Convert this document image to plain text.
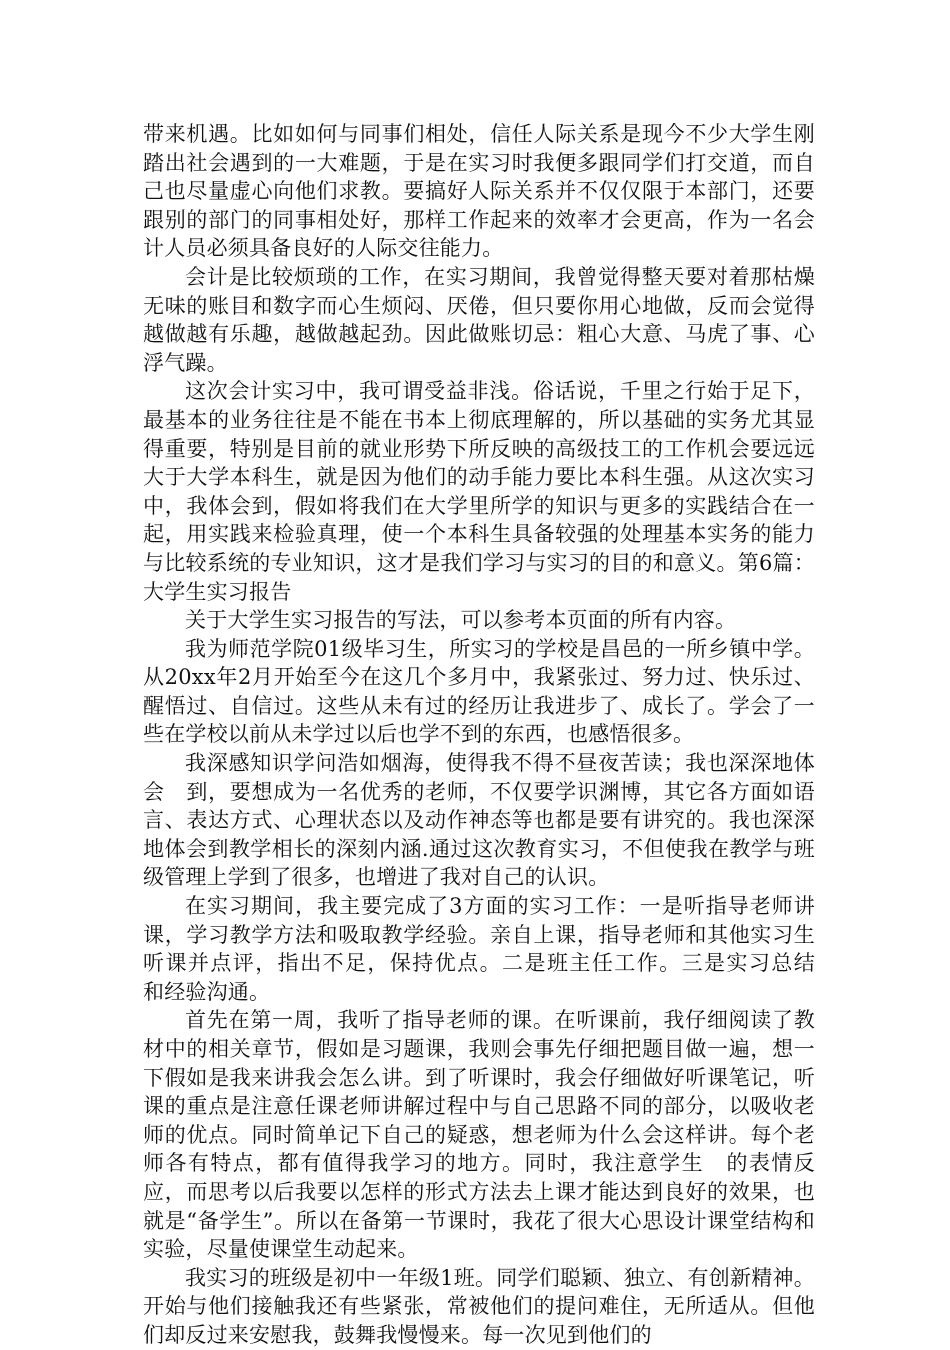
带来机遇。比如如何与同事们相处，信任人际关系是现今不少大学生刚踏出社会遇到的一大难题，于是在实习时我便多跟同学们打交道，而自己也尽量虚心向他们求教。要搞好人际关系并不仅仅限于本部门，还要跟别的部门的同事相处好，那样工作起来的效率才会更高，作为一名会计人员必须具备良好的人际交往能力。

会计是比较烦琐的工作，在实习期间，我曾觉得整天要对着那枯燥无味的账目和数字而心生烦闷、厌倦，但只要你用心地做，反而会觉得越做越有乐趣，越做越起劲。因此做账切忌：粗心大意、马虎了事、心浮气躁。

这次会计实习中，我可谓受益非浅。俗话说，千里之行始于足下，最基本的业务往往是不能在书本上彻底理解的，所以基础的实务尤其显得重要，特别是目前的就业形势下所反映的高级技工的工作机会要远远大于大学本科生，就是因为他们的动手能力要比本科生强。从这次实习中，我体会到，假如将我们在大学里所学的知识与更多的实践结合在一起，用实践来检验真理，使一个本科生具备较强的处理基本实务的能力与比较系统的专业知识，这才是我们学习与实习的目的和意义。第6篇：大学生实习报告

关于大学生实习报告的写法，可以参考本页面的所有内容。

我为师范学院01级毕习生，所实习的学校是昌邑的一所乡镇中学。从20xx年2月开始至今在这几个多月中，我紧张过、努力过、快乐过、醒悟过、自信过。这些从未有过的经历让我进步了、成长了。学会了一些在学校以前从未学过以后也学不到的东西，也感悟很多。

我深感知识学问浩如烟海，使得我不得不昼夜苦读；我也深深地体会　到，要想成为一名优秀的老师，不仅要学识渊博，其它各方面如语言、表达方式、心理状态以及动作神态等也都是要有讲究的。我也深深地体会到教学相长的深刻内涵.通过这次教育实习，不但使我在教学与班级管理上学到了很多，也增进了我对自己的认识。

在实习期间，我主要完成了3方面的实习工作：一是听指导老师讲课，学习教学方法和吸取教学经验。亲自上课，指导老师和其他实习生听课并点评，指出不足，保持优点。二是班主任工作。三是实习总结　和经验沟通。

首先在第一周，我听了指导老师的课。在听课前，我仔细阅读了教材中的相关章节，假如是习题课，我则会事先仔细把题目做一遍，想一下假如是我来讲我会怎么讲。到了听课时，我会仔细做好听课笔记，听课的重点是注意任课老师讲解过程中与自己思路不同的部分，以吸收老师的优点。同时简单记下自己的疑惑，想老师为什么会这样讲。每个老师各有特点，都有值得我学习的地方。同时，我注意学生　的表情反应，而思考以后我要以怎样的形式方法去上课才能达到良好的效果，也就是“备学生”。所以在备第一节课时，我花了很大心思设计课堂结构和实验，尽量使课堂生动起来。

我实习的班级是初中一年级1班。同学们聪颖、独立、有创新精神。开始与他们接触我还有些紧张，常被他们的提问难住，无所适从。但他们却反过来安慰我，鼓舞我慢慢来。每一次见到他们的
